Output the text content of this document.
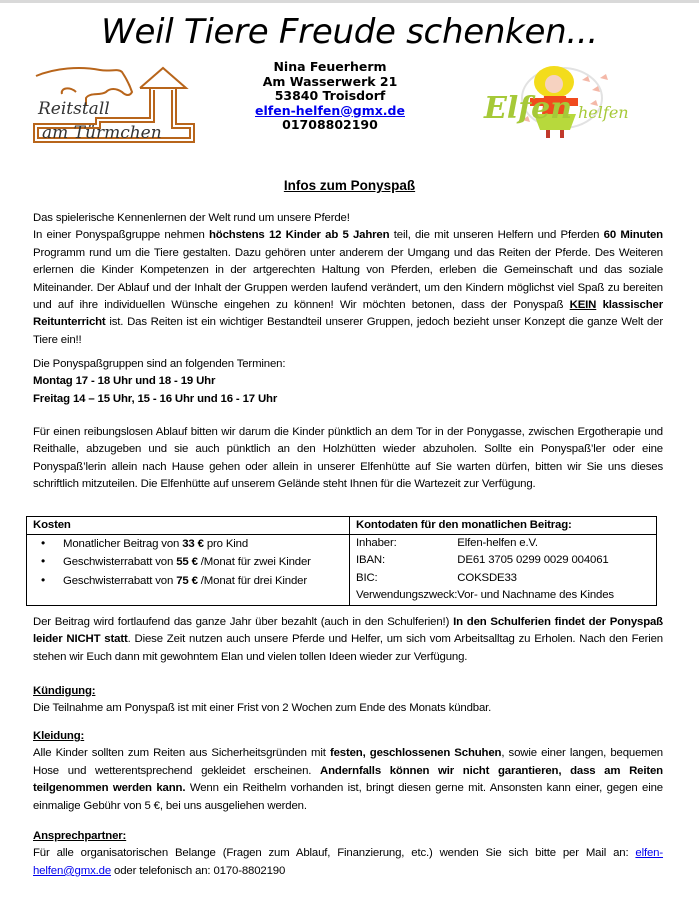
Weil Tiere Freude schenken...
Reitstall
am Türmchen
Nina Feuerherm
Am Wasserwerk 21
53840 Troisdorf
elfen-helfen@gmx.de
01708802190	Elfen helfen
Infos zum Ponyspaß

Das spielerische Kennenlernen der Welt rund um unsere Pferde!

In einer Ponyspaßgruppe nehmen höchstens 12 Kinder ab 5 Jahren teil, die mit unseren Helfern und Pferden 60 Minuten Programm rund um die Tiere gestalten. Dazu gehören unter anderem der Umgang und das Reiten der Pferde. Des Weiteren erlernen die Kinder Kompetenzen in der artgerechten Haltung von Pferden, erleben die Gemeinschaft und das soziale Miteinander. Der Ablauf und der Inhalt der Gruppen werden laufend verändert, um den Kindern möglichst viel Spaß zu bereiten und auf ihre individuellen Wünsche eingehen zu können! Wir möchten betonen, dass der Ponyspaß KEIN klassischer Reitunterricht ist. Das Reiten ist ein wichtiger Bestandteil unserer Gruppen, jedoch bezieht unser Konzept die ganze Welt der Tiere ein!!

Die Ponyspaßgruppen sind an folgenden Terminen:

Montag 17 - 18 Uhr und 18 - 19 Uhr

Freitag 14 – 15 Uhr, 15 - 16 Uhr und 16 - 17 Uhr

Für einen reibungslosen Ablauf bitten wir darum die Kinder pünktlich an dem Tor in der Ponygasse, zwischen Ergotherapie und Reithalle, abzugeben und sie auch pünktlich an den Holzhütten wieder abzuholen. Sollte ein Ponyspaß’ler oder eine Ponyspaß’lerin allein nach Hause gehen oder allein in unserer Elfenhütte auf Sie warten dürfen, bitten wir Sie uns dieses schriftlich mitzuteilen. Die Elfenhütte auf unserem Gelände steht Ihnen für die Wartezeit zur Verfügung.

Kosten	Kontodaten für den monatlichen Beitrag:

• Monatlicher Beitrag von 33 € pro Kind
• Geschwisterrabatt von 55 € /Monat für zwei Kinder
• Geschwisterrabatt von 75 € /Monat für drei Kinder

Inhaber:	Elfen-helfen e.V.
IBAN:	DE61 3705 0299 0029 004061
BIC:	COKSDE33
Verwendungszweck:	Vor- und Nachname des Kindes

Der Beitrag wird fortlaufend das ganze Jahr über bezahlt (auch in den Schulferien!) In den Schulferien findet der Ponyspaß leider NICHT statt. Diese Zeit nutzen auch unsere Pferde und Helfer, um sich vom Arbeitsalltag zu Erholen. Nach den Ferien stehen wir Euch dann mit gewohntem Elan und vielen tollen Ideen wieder zur Verfügung.

Kündigung:

Die Teilnahme am Ponyspaß ist mit einer Frist von 2 Wochen zum Ende des Monats kündbar.

Kleidung:

Alle Kinder sollten zum Reiten aus Sicherheitsgründen mit festen, geschlossenen Schuhen, sowie einer langen, bequemen Hose und wetterentsprechend gekleidet erscheinen. Andernfalls können wir nicht garantieren, dass am Reiten teilgenommen werden kann. Wenn ein Reithelm vorhanden ist, bringt diesen gerne mit. Ansonsten kann einer, gegen eine einmalige Gebühr von 5 €, bei uns ausgeliehen werden.

Ansprechpartner:

Für alle organisatorischen Belange (Fragen zum Ablauf, Finanzierung, etc.) wenden Sie sich bitte per Mail an: elfen-helfen@gmx.de oder telefonisch an: 0170-8802190
